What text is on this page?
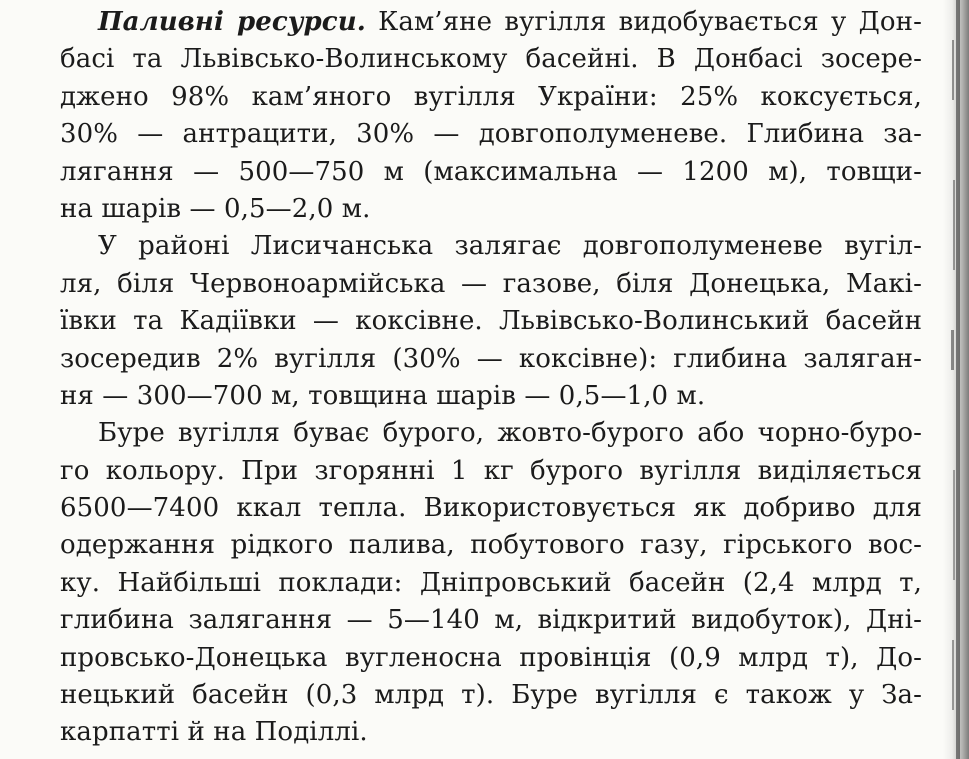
Паливні ресурси. Кам’яне вугілля видобувається у Дон-
басі та Львівсько-Волинському басейні. В Донбасі зосере-
джено 98% кам’яного вугілля України: 25% коксується,
30% — антрацити, 30% — довгополуменеве. Глибина за-
лягання — 500—750 м (максимальна — 1200 м), товщи-
на шарів — 0,5—2,0 м.
У районі Лисичанська залягає довгополуменеве вугіл-
ля, біля Червоноармійська — газове, біля Донецька, Макі-
ївки та Кадіївки — коксівне. Львівсько-Волинський басейн
зосередив 2% вугілля (30% — коксівне): глибина заляган-
ня — 300—700 м, товщина шарів — 0,5—1,0 м.
Буре вугілля буває бурого, жовто-бурого або чорно-буро-
го кольору. При згорянні 1 кг бурого вугілля виділяється
6500—7400 ккал тепла. Використовується як добриво для
одержання рідкого палива, побутового газу, гірського вос-
ку. Найбільші поклади: Дніпровський басейн (2,4 млрд т,
глибина залягання — 5—140 м, відкритий видобуток), Дні-
провсько-Донецька вугленосна провінція (0,9 млрд т), До-
нецький басейн (0,3 млрд т). Буре вугілля є також у За-
карпатті й на Поділлі.
